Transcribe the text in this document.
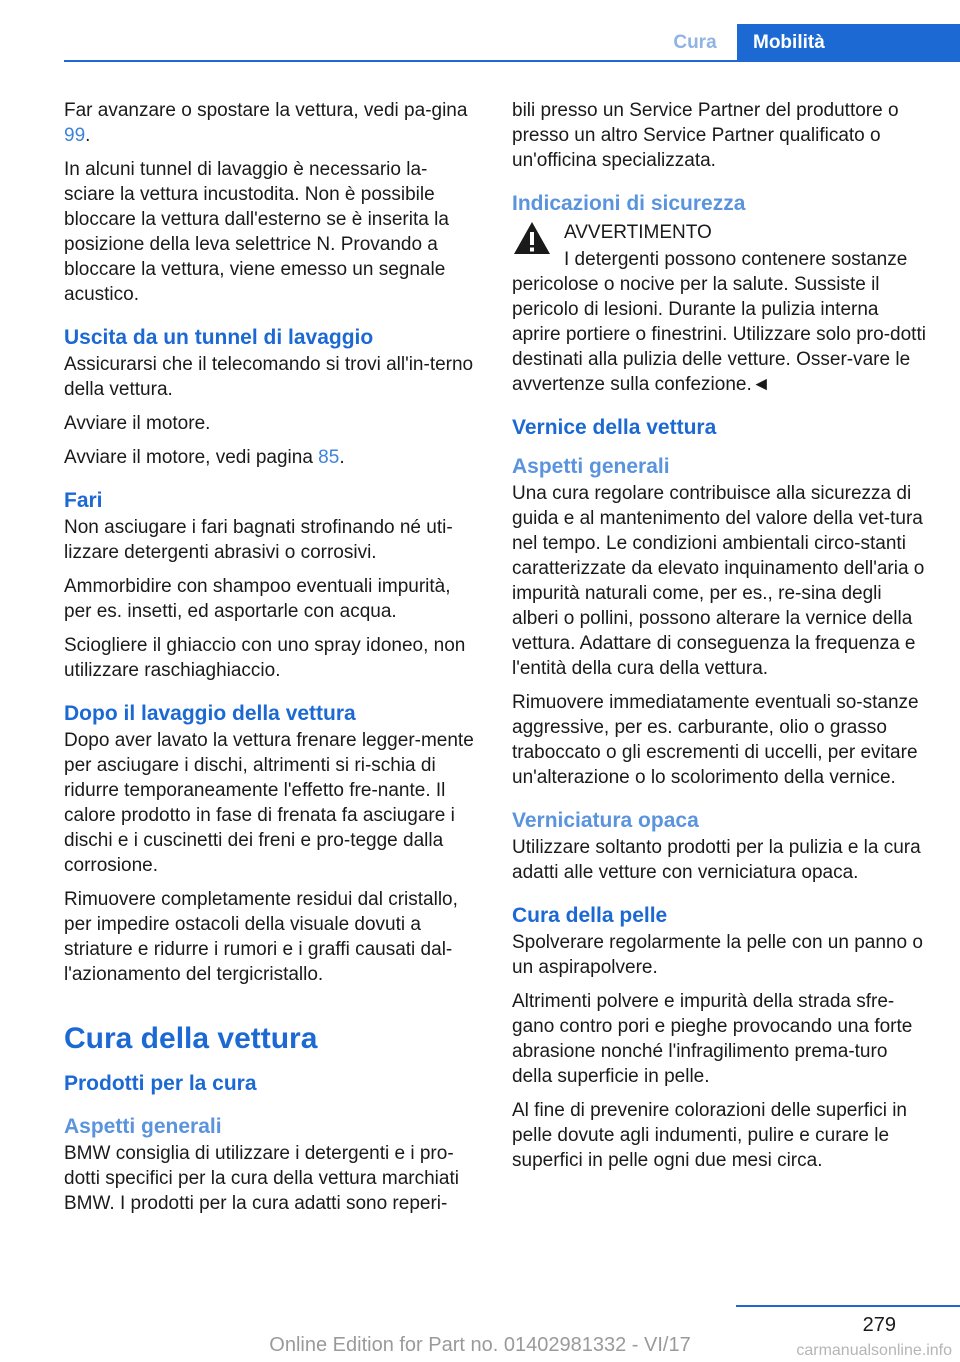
Cura	Mobilità

Far avanzare o spostare la vettura, vedi pa-gina 99.

In alcuni tunnel di lavaggio è necessario la-sciare la vettura incustodita. Non è possibile bloccare la vettura dall'esterno se è inserita la posizione della leva selettrice N. Provando a bloccare la vettura, viene emesso un segnale acustico.

Uscita da un tunnel di lavaggio

Assicurarsi che il telecomando si trovi all'in-terno della vettura.

Avviare il motore.

Avviare il motore, vedi pagina 85.

Fari

Non asciugare i fari bagnati strofinando né uti-lizzare detergenti abrasivi o corrosivi.

Ammorbidire con shampoo eventuali impurità, per es. insetti, ed asportarle con acqua.

Sciogliere il ghiaccio con uno spray idoneo, non utilizzare raschiaghiaccio.

Dopo il lavaggio della vettura

Dopo aver lavato la vettura frenare legger-mente per asciugare i dischi, altrimenti si ri-schia di ridurre temporaneamente l'effetto fre-nante. Il calore prodotto in fase di frenata fa asciugare i dischi e i cuscinetti dei freni e pro-tegge dalla corrosione.

Rimuovere completamente residui dal cristallo, per impedire ostacoli della visuale dovuti a striature e ridurre i rumori e i graffi causati dal-l'azionamento del tergicristallo.

Cura della vettura
Prodotti per la cura
Aspetti generali

BMW consiglia di utilizzare i detergenti e i pro-dotti specifici per la cura della vettura marchiati BMW. I prodotti per la cura adatti sono reperi-

bili presso un Service Partner del produttore o presso un altro Service Partner qualificato o un'officina specializzata.

Indicazioni di sicurezza

AVVERTIMENTO

I detergenti possono contenere sostanze

pericolose o nocive per la salute. Sussiste il pericolo di lesioni. Durante la pulizia interna aprire portiere o finestrini. Utilizzare solo pro-dotti destinati alla pulizia delle vetture. Osser-vare le avvertenze sulla confezione.◄

Vernice della vettura
Aspetti generali

Una cura regolare contribuisce alla sicurezza di guida e al mantenimento del valore della vet-tura nel tempo. Le condizioni ambientali circo-stanti caratterizzate da elevato inquinamento dell'aria o impurità naturali come, per es., re-sina degli alberi o pollini, possono alterare la vernice della vettura. Adattare di conseguenza la frequenza e l'entità della cura della vettura.

Rimuovere immediatamente eventuali so-stanze aggressive, per es. carburante, olio o grasso traboccato o gli escrementi di uccelli, per evitare un'alterazione o lo scolorimento della vernice.

Verniciatura opaca

Utilizzare soltanto prodotti per la pulizia e la cura adatti alle vetture con verniciatura opaca.

Cura della pelle

Spolverare regolarmente la pelle con un panno o un aspirapolvere.

Altrimenti polvere e impurità della strada sfre-gano contro pori e pieghe provocando una forte abrasione nonché l'infragilimento prema-turo della superficie in pelle.

Al fine di prevenire colorazioni delle superfici in pelle dovute agli indumenti, pulire e curare le superfici in pelle ogni due mesi circa.

279
Online Edition for Part no. 01402981332 - VI/17	carmanualsonline.info
